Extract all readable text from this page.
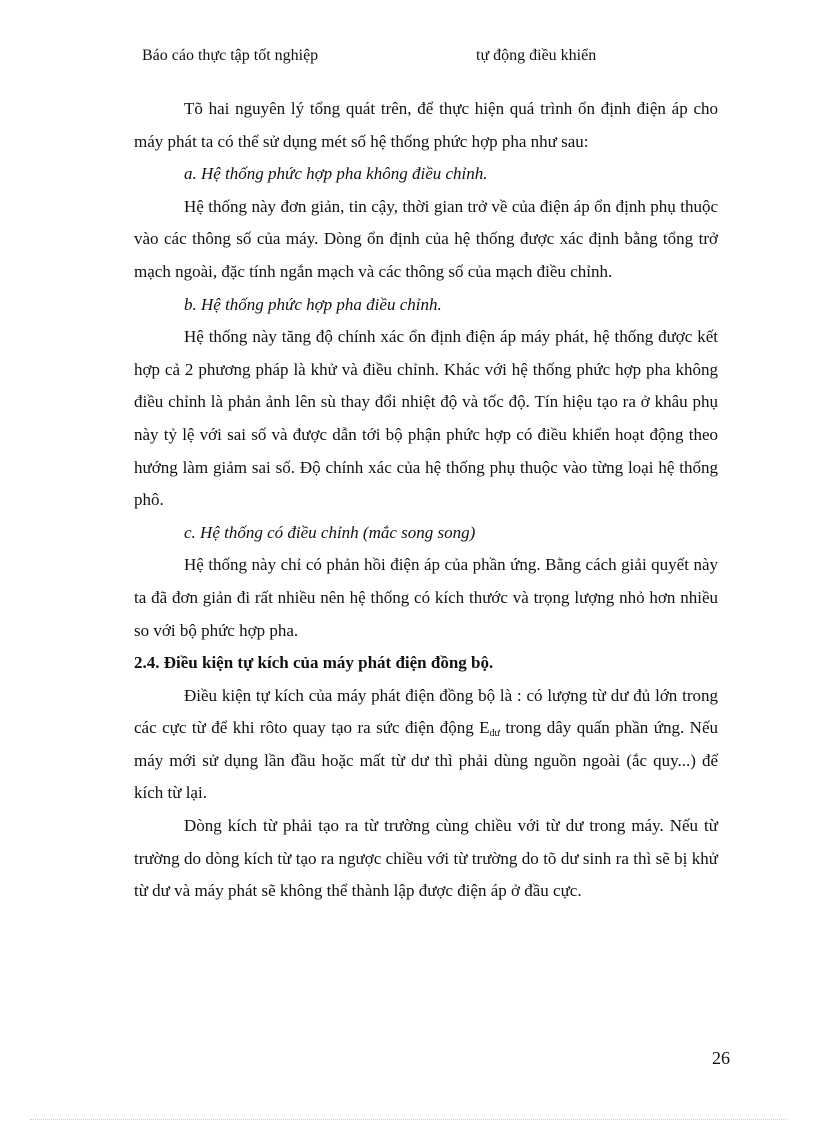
Báo cáo thực tập tốt nghiệp	tự động điều khiển

Tõ hai nguyên lý tổng quát trên, để thực hiện quá trình ổn định điện áp cho máy phát ta có thể sử dụng mét số hệ thống phức hợp pha như sau:

a. Hệ thống phức hợp pha không điều chỉnh.

Hệ thống này đơn giản, tin cậy, thời gian trở về của điện áp ổn định phụ thuộc vào các thông số của máy. Dòng ổn định của hệ thống được xác định bằng tổng trở mạch ngoài, đặc tính ngắn mạch và các thông số của mạch điều chỉnh.

b. Hệ thống phức hợp pha điều chỉnh.

Hệ thống này tăng độ chính xác ổn định điện áp máy phát, hệ thống được kết hợp cả 2 phương pháp là khử và điều chỉnh. Khác với hệ thống phức hợp pha không điều chỉnh là phản ảnh lên sù thay đổi nhiệt độ và tốc độ. Tín hiệu tạo ra ở khâu phụ này tỷ lệ với sai số và được dẫn tới bộ phận phức hợp có điều khiển hoạt động theo hướng làm giảm sai số. Độ chính xác của hệ thống phụ thuộc vào từng loại hệ thống phô.

c. Hệ thống có điều chỉnh (mắc song song)

Hệ thống này chỉ có phản hồi điện áp của phần ứng. Bằng cách giải quyết này ta đã đơn giản đi rất nhiều nên hệ thống có kích thước và trọng lượng nhỏ hơn nhiều so với bộ phức hợp pha.

2.4. Điều kiện tự kích của máy phát điện đồng bộ.

Điều kiện tự kích của máy phát điện đồng bộ là : có lượng từ dư đủ lớn trong các cực từ để khi rôto quay tạo ra sức điện động $E_{dư}$ trong dây quấn phần ứng. Nếu máy mới sử dụng lần đầu hoặc mất từ dư thì phải dùng nguồn ngoài (ắc quy...) để kích từ lại.

Dòng kích từ phải tạo ra từ trường cùng chiều với từ dư trong máy. Nếu từ trường do dòng kích từ tạo ra ngược chiều với từ trường do tõ dư sinh ra thì sẽ bị khử từ dư và máy phát sẽ không thể thành lập được điện áp ở đầu cực.

26
